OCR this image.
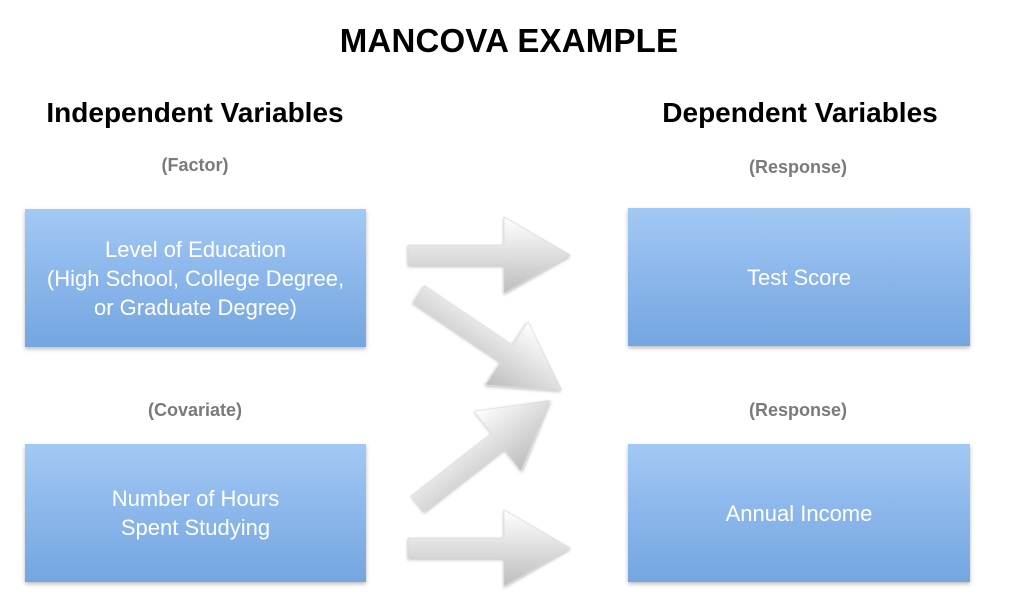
MANCOVA EXAMPLE
Independent Variables	Dependent Variables
(Factor)	(Response)
(Covariate)	(Response)
Level of Education
(High School, College Degree,
or Graduate Degree)
Number of Hours
Spent Studying
Test Score
Annual Income
